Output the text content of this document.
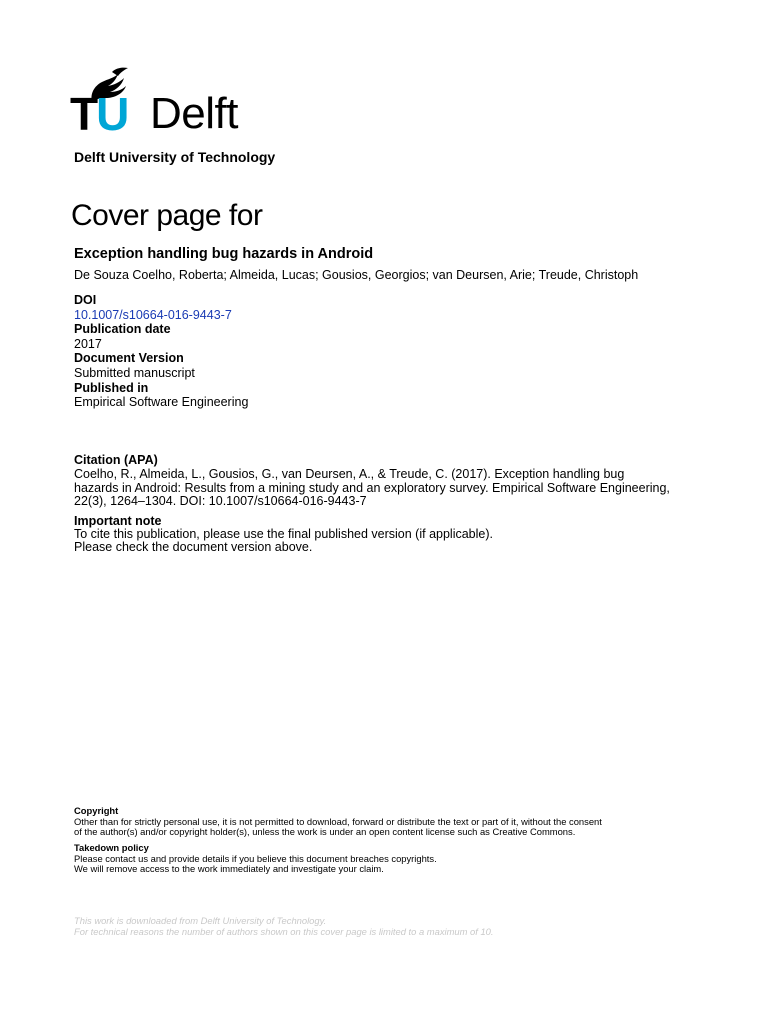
T U Delft
Delft University of Technology
Cover page for
Exception handling bug hazards in Android
De Souza Coelho, Roberta; Almeida, Lucas; Gousios, Georgios; van Deursen, Arie; Treude, Christoph
DOI
10.1007/s10664-016-9443-7
Publication date
2017
Document Version
Submitted manuscript
Published in
Empirical Software Engineering
Citation (APA)
Coelho, R., Almeida, L., Gousios, G., van Deursen, A., & Treude, C. (2017). Exception handling bug
hazards in Android: Results from a mining study and an exploratory survey. Empirical Software Engineering,
22(3), 1264–1304. DOI: 10.1007/s10664-016-9443-7
Important note
To cite this publication, please use the final published version (if applicable).
Please check the document version above.
Copyright
Other than for strictly personal use, it is not permitted to download, forward or distribute the text or part of it, without the consent
of the author(s) and/or copyright holder(s), unless the work is under an open content license such as Creative Commons.
Takedown policy
Please contact us and provide details if you believe this document breaches copyrights.
We will remove access to the work immediately and investigate your claim.
This work is downloaded from Delft University of Technology.
For technical reasons the number of authors shown on this cover page is limited to a maximum of 10.
